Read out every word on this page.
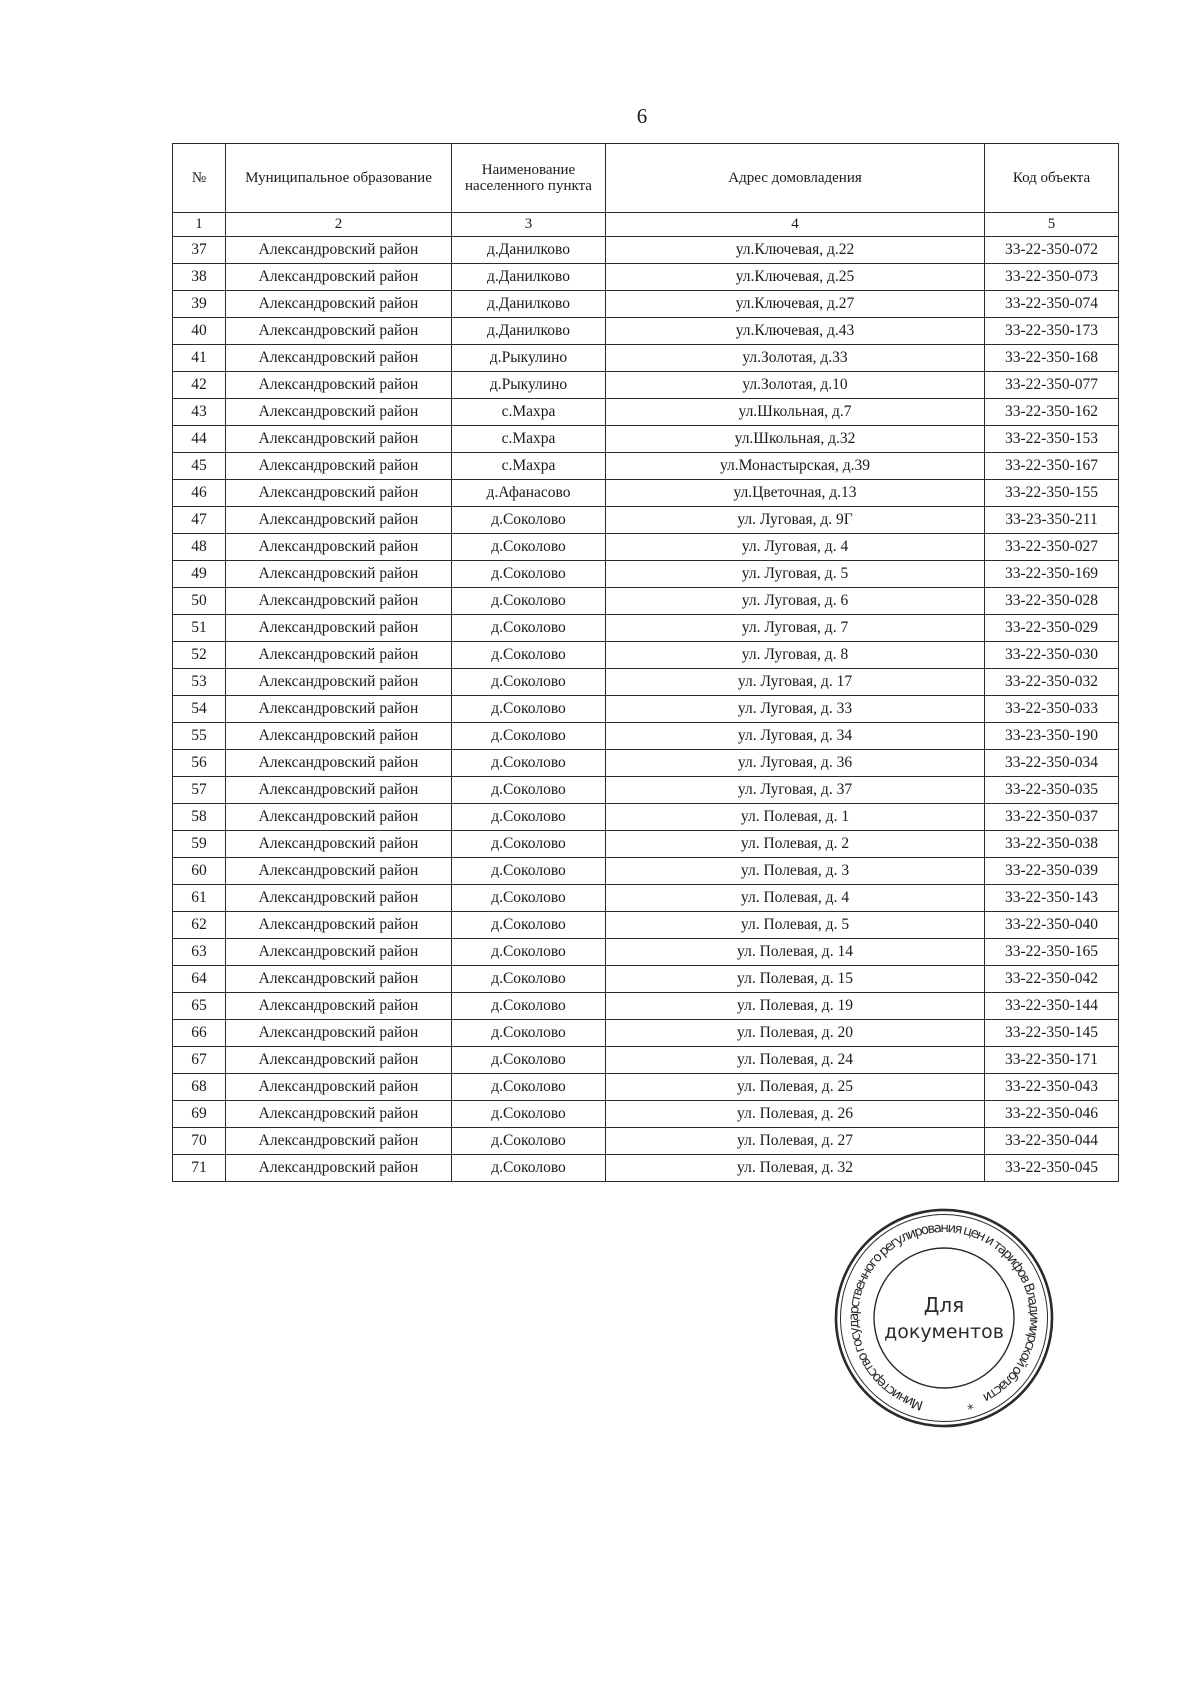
6
№	Муниципальное образование	Наименование населенного пункта	Адрес домовладения	Код объекта
1	2	3	4	5
37	Александровский район	д.Данилково	ул.Ключевая, д.22	33-22-350-072
38	Александровский район	д.Данилково	ул.Ключевая, д.25	33-22-350-073
39	Александровский район	д.Данилково	ул.Ключевая, д.27	33-22-350-074
40	Александровский район	д.Данилково	ул.Ключевая, д.43	33-22-350-173
41	Александровский район	д.Рыкулино	ул.Золотая, д.33	33-22-350-168
42	Александровский район	д.Рыкулино	ул.Золотая, д.10	33-22-350-077
43	Александровский район	с.Махра	ул.Школьная, д.7	33-22-350-162
44	Александровский район	с.Махра	ул.Школьная, д.32	33-22-350-153
45	Александровский район	с.Махра	ул.Монастырская, д.39	33-22-350-167
46	Александровский район	д.Афанасово	ул.Цветочная, д.13	33-22-350-155
47	Александровский район	д.Соколово	ул. Луговая, д. 9Г	33-23-350-211
48	Александровский район	д.Соколово	ул. Луговая, д. 4	33-22-350-027
49	Александровский район	д.Соколово	ул. Луговая, д. 5	33-22-350-169
50	Александровский район	д.Соколово	ул. Луговая, д. 6	33-22-350-028
51	Александровский район	д.Соколово	ул. Луговая, д. 7	33-22-350-029
52	Александровский район	д.Соколово	ул. Луговая, д. 8	33-22-350-030
53	Александровский район	д.Соколово	ул. Луговая, д. 17	33-22-350-032
54	Александровский район	д.Соколово	ул. Луговая, д. 33	33-22-350-033
55	Александровский район	д.Соколово	ул. Луговая, д. 34	33-23-350-190
56	Александровский район	д.Соколово	ул. Луговая, д. 36	33-22-350-034
57	Александровский район	д.Соколово	ул. Луговая, д. 37	33-22-350-035
58	Александровский район	д.Соколово	ул. Полевая, д. 1	33-22-350-037
59	Александровский район	д.Соколово	ул. Полевая, д. 2	33-22-350-038
60	Александровский район	д.Соколово	ул. Полевая, д. 3	33-22-350-039
61	Александровский район	д.Соколово	ул. Полевая, д. 4	33-22-350-143
62	Александровский район	д.Соколово	ул. Полевая, д. 5	33-22-350-040
63	Александровский район	д.Соколово	ул. Полевая, д. 14	33-22-350-165
64	Александровский район	д.Соколово	ул. Полевая, д. 15	33-22-350-042
65	Александровский район	д.Соколово	ул. Полевая, д. 19	33-22-350-144
66	Александровский район	д.Соколово	ул. Полевая, д. 20	33-22-350-145
67	Александровский район	д.Соколово	ул. Полевая, д. 24	33-22-350-171
68	Александровский район	д.Соколово	ул. Полевая, д. 25	33-22-350-043
69	Александровский район	д.Соколово	ул. Полевая, д. 26	33-22-350-046
70	Александровский район	д.Соколово	ул. Полевая, д. 27	33-22-350-044
71	Александровский район	д.Соколово	ул. Полевая, д. 32	33-22-350-045
Министерство государственного регулирования цен и тарифов Владимирской области
*
Для
документов
